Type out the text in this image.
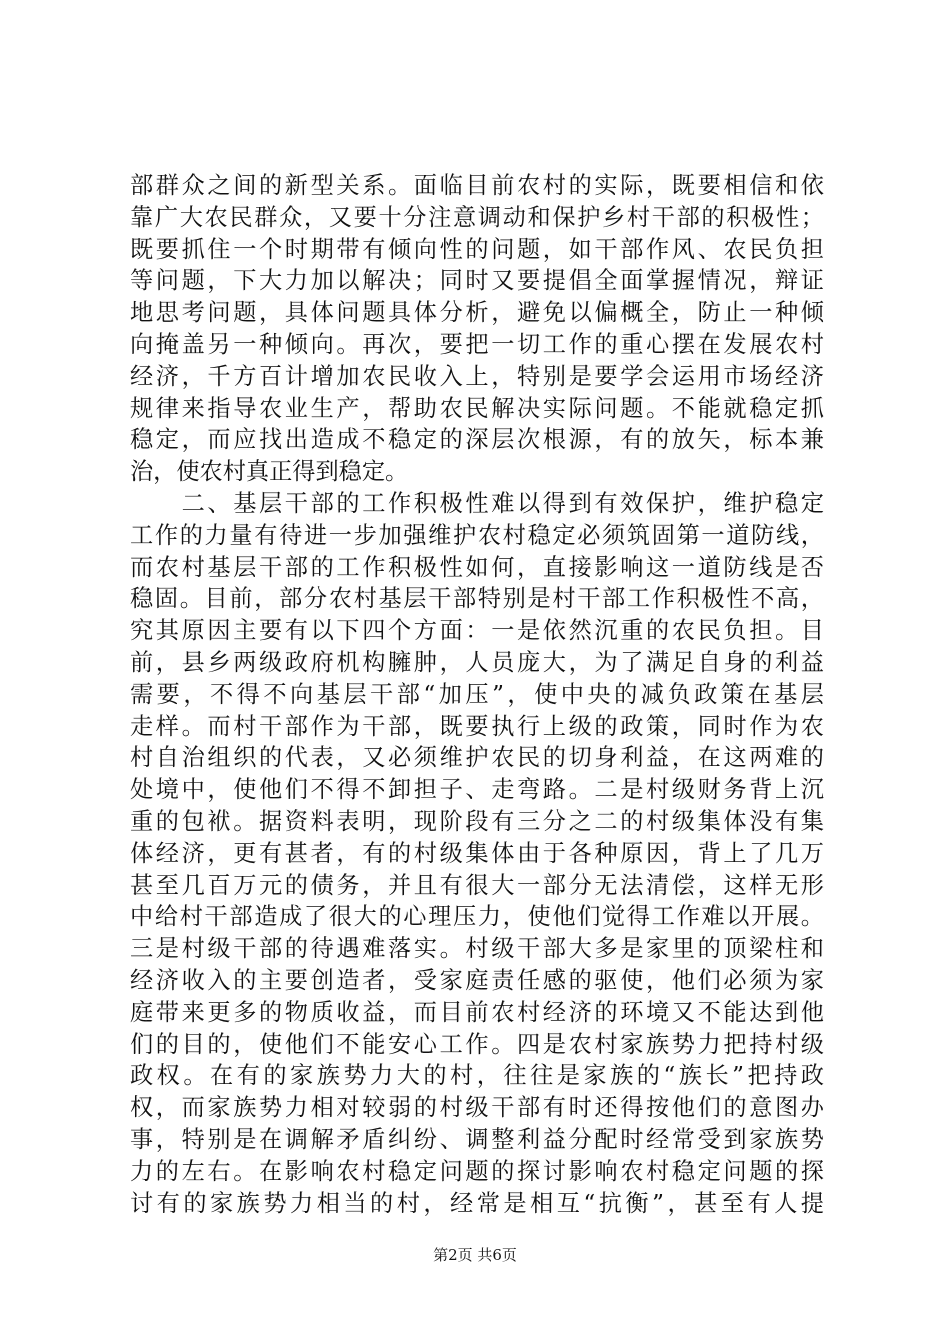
部群众之间的新型关系。面临目前农村的实际，既要相信和依
靠广大农民群众，又要十分注意调动和保护乡村干部的积极性；
既要抓住一个时期带有倾向性的问题，如干部作风、农民负担
等问题，下大力加以解决；同时又要提倡全面掌握情况，辩证
地思考问题，具体问题具体分析，避免以偏概全，防止一种倾
向掩盖另一种倾向。再次，要把一切工作的重心摆在发展农村
经济，千方百计增加农民收入上，特别是要学会运用市场经济
规律来指导农业生产，帮助农民解决实际问题。不能就稳定抓
稳定，而应找出造成不稳定的深层次根源，有的放矢，标本兼
治，使农村真正得到稳定。
　　二、基层干部的工作积极性难以得到有效保护，维护稳定
工作的力量有待进一步加强维护农村稳定必须筑固第一道防线，
而农村基层干部的工作积极性如何，直接影响这一道防线是否
稳固。目前，部分农村基层干部特别是村干部工作积极性不高，
究其原因主要有以下四个方面：一是依然沉重的农民负担。目
前，县乡两级政府机构臃肿，人员庞大，为了满足自身的利益
需要，不得不向基层干部“加压”，使中央的减负政策在基层
走样。而村干部作为干部，既要执行上级的政策，同时作为农
村自治组织的代表，又必须维护农民的切身利益，在这两难的
处境中，使他们不得不卸担子、走弯路。二是村级财务背上沉
重的包袱。据资料表明，现阶段有三分之二的村级集体没有集
体经济，更有甚者，有的村级集体由于各种原因，背上了几万
甚至几百万元的债务，并且有很大一部分无法清偿，这样无形
中给村干部造成了很大的心理压力，使他们觉得工作难以开展。
三是村级干部的待遇难落实。村级干部大多是家里的顶梁柱和
经济收入的主要创造者，受家庭责任感的驱使，他们必须为家
庭带来更多的物质收益，而目前农村经济的环境又不能达到他
们的目的，使他们不能安心工作。四是农村家族势力把持村级
政权。在有的家族势力大的村，往往是家族的“族长”把持政
权，而家族势力相对较弱的村级干部有时还得按他们的意图办
事，特别是在调解矛盾纠纷、调整利益分配时经常受到家族势
力的左右。在影响农村稳定问题的探讨影响农村稳定问题的探
讨有的家族势力相当的村，经常是相互“抗衡”，甚至有人提
第2页 共6页
